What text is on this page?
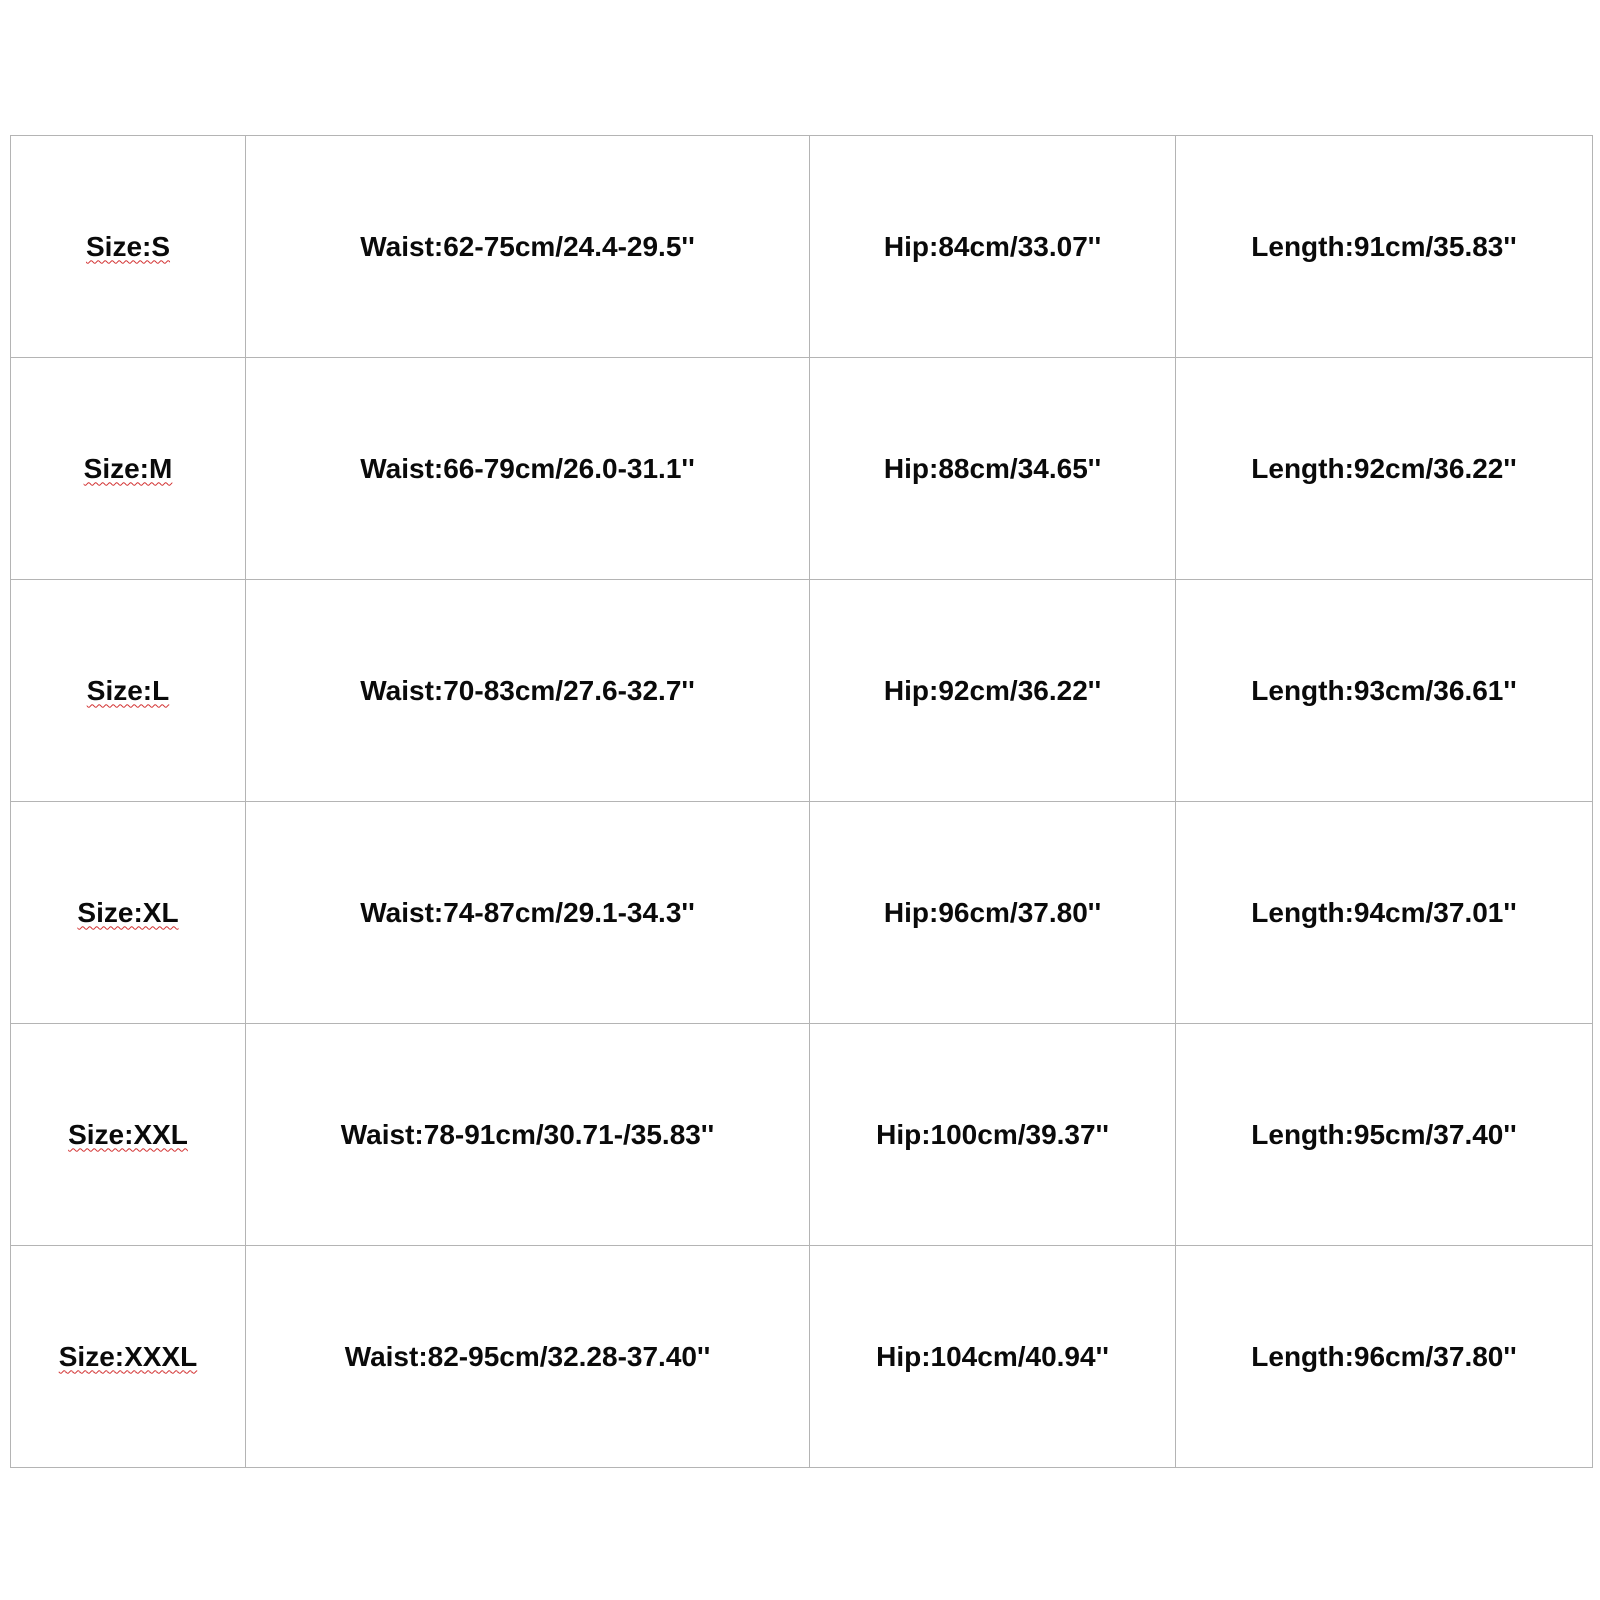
Size:S	Waist:62-75cm/24.4-29.5''	Hip:84cm/33.07''	Length:91cm/35.83''
Size:M	Waist:66-79cm/26.0-31.1''	Hip:88cm/34.65''	Length:92cm/36.22''
Size:L	Waist:70-83cm/27.6-32.7''	Hip:92cm/36.22''	Length:93cm/36.61''
Size:XL	Waist:74-87cm/29.1-34.3''	Hip:96cm/37.80''	Length:94cm/37.01''
Size:XXL	Waist:78-91cm/30.71-/35.83''	Hip:100cm/39.37''	Length:95cm/37.40''
Size:XXXL	Waist:82-95cm/32.28-37.40''	Hip:104cm/40.94''	Length:96cm/37.80''
